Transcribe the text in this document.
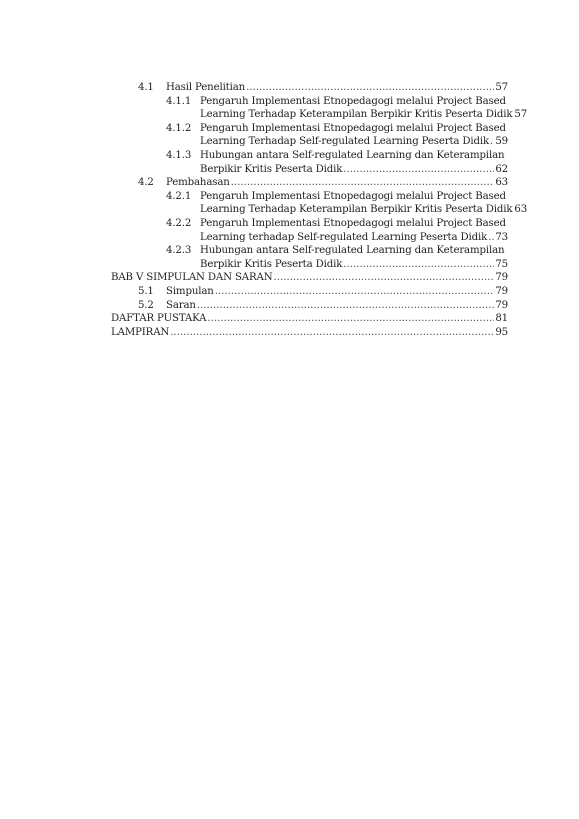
4.1 Hasil Penelitian .....	57
4.1.1 Pengaruh Implementasi Etnopedagogi melalui Project Based
Learning Terhadap Keterampilan Berpikir Kritis Peserta Didik 57
4.1.2 Pengaruh Implementasi Etnopedagogi melalui Project Based
Learning Terhadap Self-regulated Learning Peserta Didik ..... 59
4.1.3 Hubungan antara Self-regulated Learning dan Keterampilan
Berpikir Kritis Peserta Didik .....	62
4.2 Pembahasan .....	63
4.2.1 Pengaruh Implementasi Etnopedagogi melalui Project Based
Learning Terhadap Keterampilan Berpikir Kritis Peserta Didik 63
4.2.2 Pengaruh Implementasi Etnopedagogi melalui Project Based
Learning terhadap Self-regulated Learning Peserta Didik ..... 73
4.2.3 Hubungan antara Self-regulated Learning dan Keterampilan
Berpikir Kritis Peserta Didik .....	75
BAB V SIMPULAN DAN SARAN .....	79
5.1 Simpulan .....	79
5.2 Saran .....	79
DAFTAR PUSTAKA .....	81
LAMPIRAN .....	95
